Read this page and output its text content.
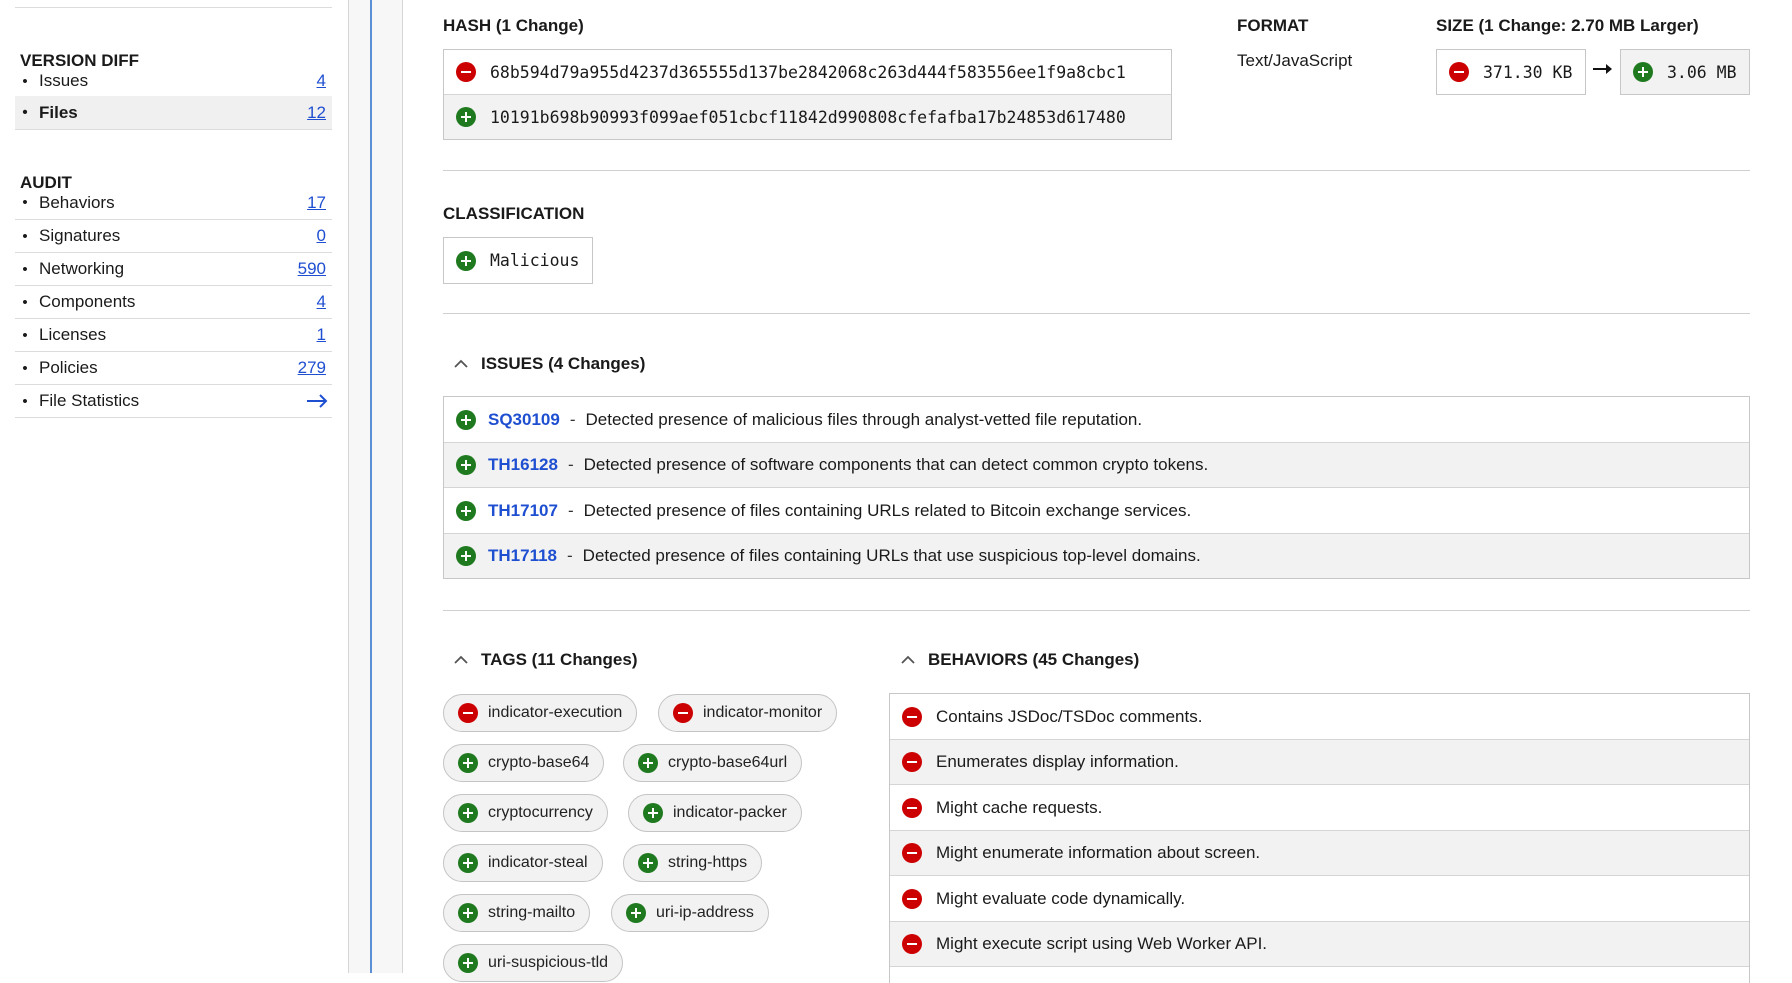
VERSION DIFF
• Issues	4
• Files	12
AUDIT
• Behaviors	17
• Signatures	0
• Networking	590
• Components	4
• Licenses	1
• Policies	279
• File Statistics
HASH (1 Change)
68b594d79a955d4237d365555d137be2842068c263d444f583556ee1f9a8cbc1
10191b698b90993f099aef051cbcf11842d990808cfefafba17b24853d617480
FORMAT
Text/JavaScript
SIZE (1 Change: 2.70 MB Larger)
371.30 KB	3.06 MB
CLASSIFICATION
Malicious
ISSUES (4 Changes)
SQ30109 - Detected presence of malicious files through analyst-vetted file reputation.
TH16128 - Detected presence of software components that can detect common crypto tokens.
TH17107 - Detected presence of files containing URLs related to Bitcoin exchange services.
TH17118 - Detected presence of files containing URLs that use suspicious top-level domains.
TAGS (11 Changes)
indicator-execution	indicator-monitor
crypto-base64	crypto-base64url
cryptocurrency	indicator-packer
indicator-steal	string-https
string-mailto	uri-ip-address
uri-suspicious-tld
BEHAVIORS (45 Changes)
Contains JSDoc/TSDoc comments.
Enumerates display information.
Might cache requests.
Might enumerate information about screen.
Might evaluate code dynamically.
Might execute script using Web Worker API.
